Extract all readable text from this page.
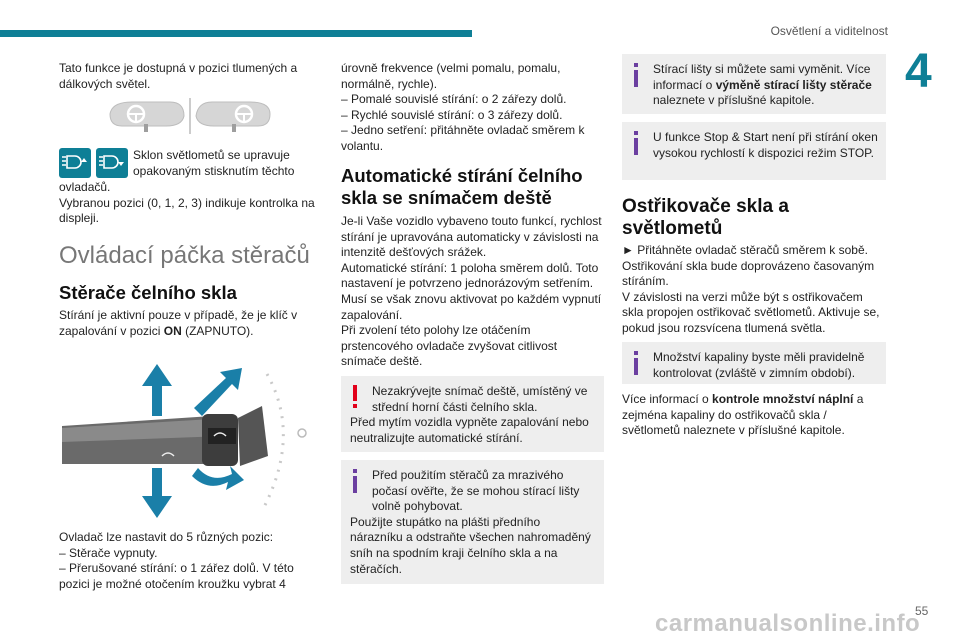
Osvětlení a viditelnost
4

Tato funkce je dostupná v pozici tlumených a dálkových světel.

Sklon světlometů se upravuje opakovaným stisknutím těchto

ovladačů.

Vybranou pozici (0, 1, 2, 3) indikuje kontrolka na displeji.

Ovládací páčka stěračů
Stěrače čelního skla

Stírání je aktivní pouze v případě, že je klíč v zapalování v pozici ON (ZAPNUTO).

Ovladač lze nastavit do 5 různých pozic:

– Stěrače vypnuty.

– Přerušované stírání: o 1 zářez dolů. V této pozici je možné otočením kroužku vybrat 4

úrovně frekvence (velmi pomalu, pomalu, normálně, rychle).

– Pomalé souvislé stírání: o 2 zářezy dolů.

– Rychlé souvislé stírání: o 3 zářezy dolů.

– Jedno setření: přitáhněte ovladač směrem k volantu.

Automatické stírání čelního skla se snímačem deště

Je-li Vaše vozidlo vybaveno touto funkcí, rychlost stírání je upravována automaticky v závislosti na intenzitě dešťových srážek.

Automatické stírání: 1 poloha směrem dolů. Toto nastavení je potvrzeno jednorázovým setřením.

Musí se však znovu aktivovat po každém vypnutí zapalování.

Při zvolení této polohy lze otáčením prstencového ovladače zvyšovat citlivost snímače deště.

Nezakrývejte snímač deště, umístěný ve střední horní části čelního skla.

Před mytím vozidla vypněte zapalování nebo neutralizujte automatické stírání.

Před použitím stěračů za mrazivého počasí ověřte, že se mohou stírací lišty volně pohybovat.

Použijte stupátko na plášti předního nárazníku a odstraňte všechen nahromaděný sníh na spodním kraji čelního skla a na stěračích.

Stírací lišty si můžete sami vyměnit. Více informací o výměně stírací lišty stěrače naleznete v příslušné kapitole.

U funkce Stop & Start není při stírání oken vysokou rychlostí k dispozici režim STOP.

Ostřikovače skla a světlometů

► Přitáhněte ovladač stěračů směrem k sobě.

Ostřikování skla bude doprovázeno časovaným stíráním.

V závislosti na verzi může být s ostřikovačem skla propojen ostřikovač světlometů. Aktivuje se, pokud jsou rozsvícena tlumená světla.

Množství kapaliny byste měli pravidelně kontrolovat (zvláště v zimním období).

Více informací o kontrole množství náplní a zejména kapaliny do ostřikovačů skla / světlometů naleznete v příslušné kapitole.

carmanualsonline.info
55
